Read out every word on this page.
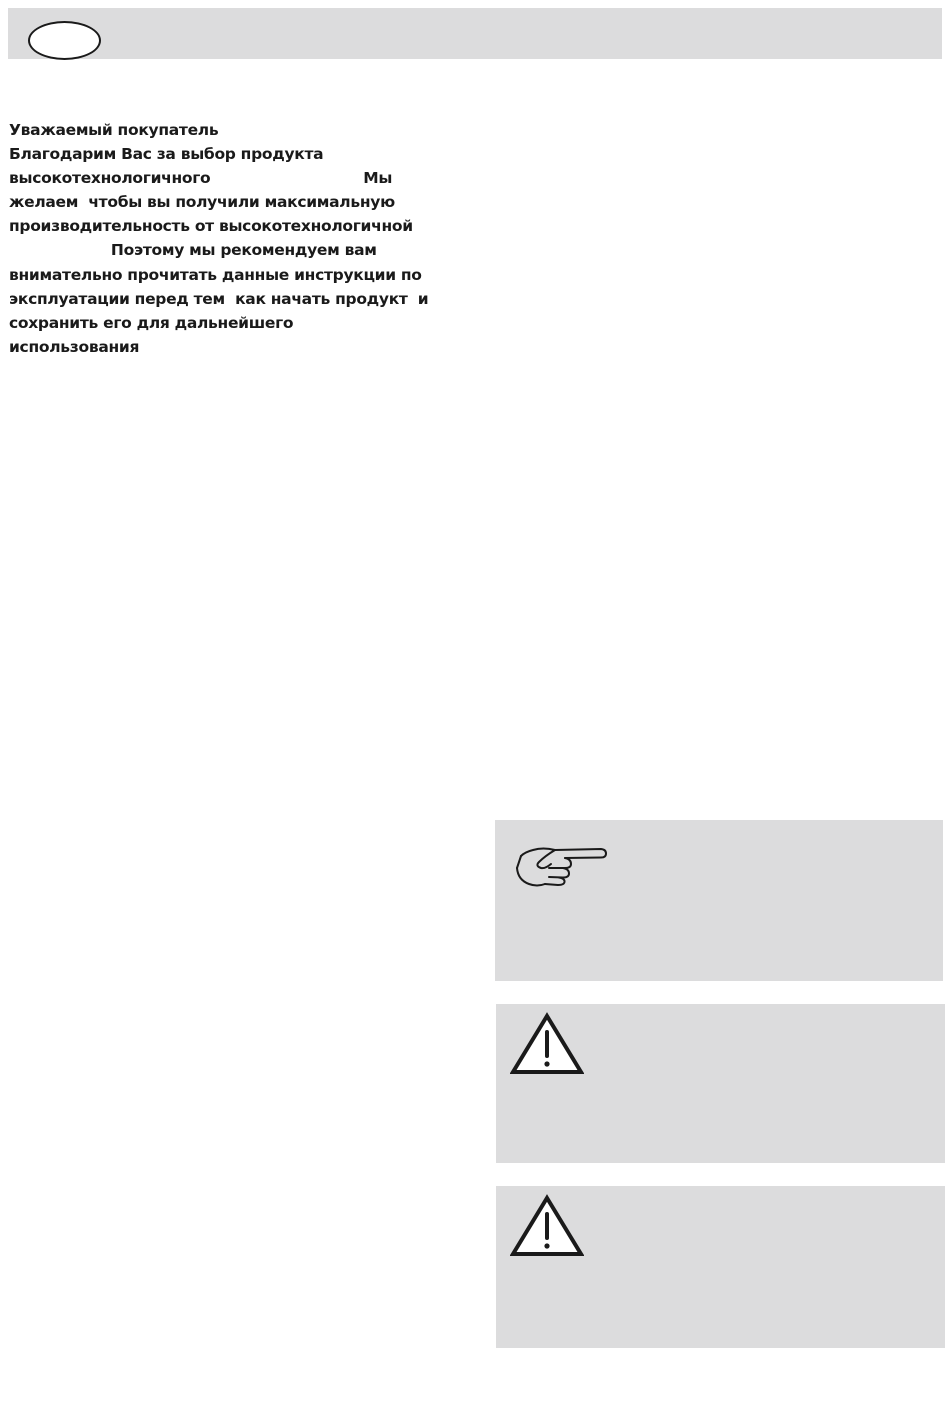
Уважаемый покупатель
Благодарим Вас за выбор продукта
высокотехнологичного                              Мы
желаем  чтобы вы получили максимальную
производительность от высокотехнологичной
Поэтому мы рекомендуем вам
внимательно прочитать данные инструкции по
эксплуатации перед тем  как начать продукт  и
сохранить его для дальнейшего
использования
